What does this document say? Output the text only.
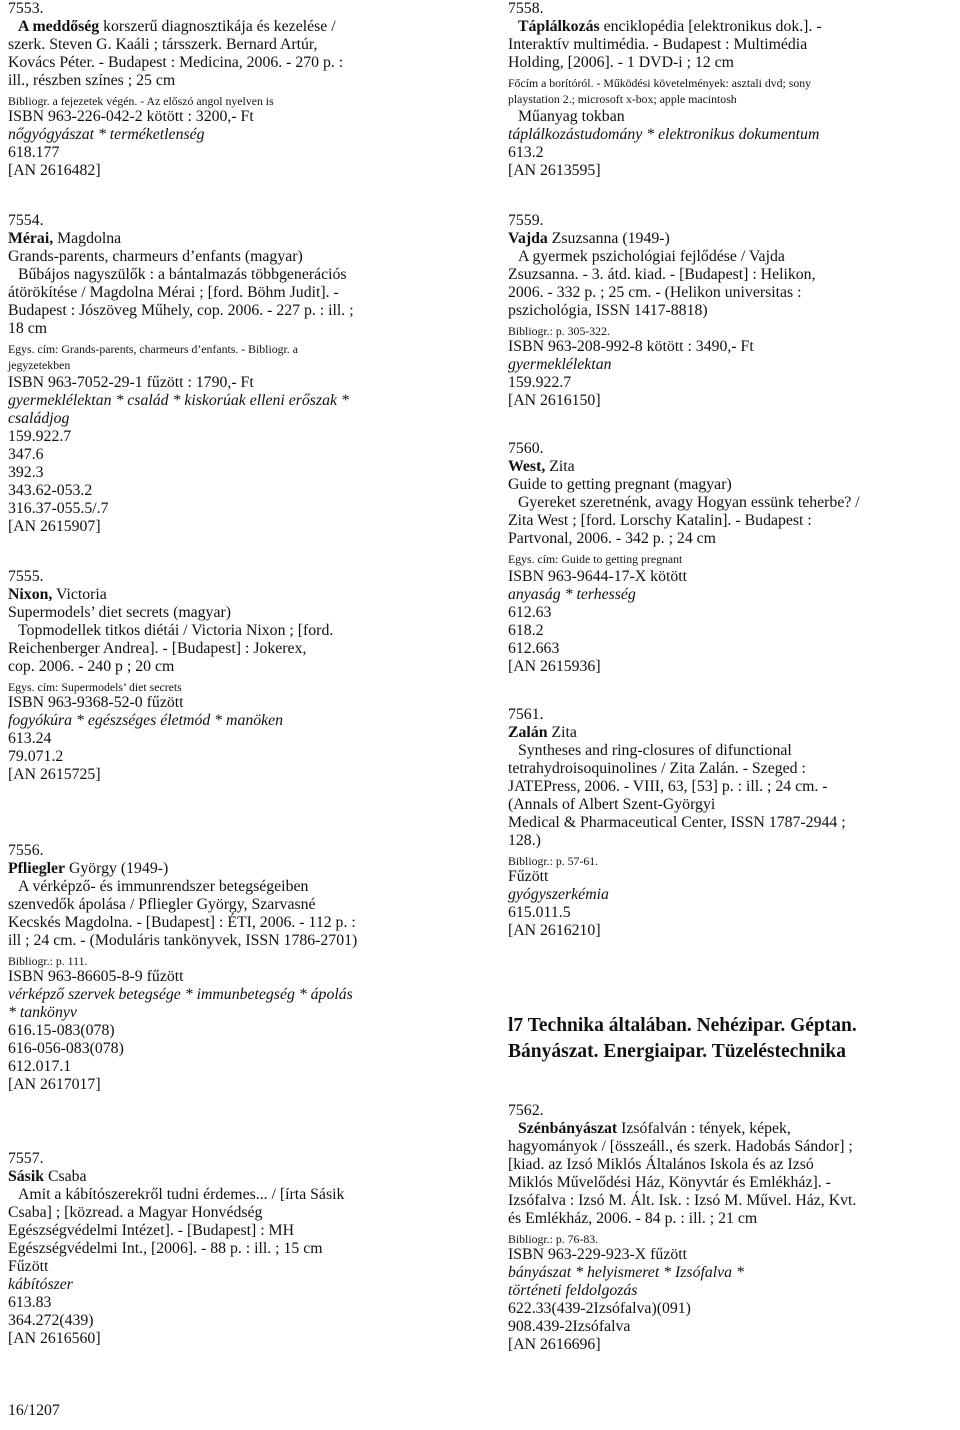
7553.
A meddőség korszerű diagnosztikája és kezelése /
szerk. Steven G. Kaáli ; társszerk. Bernard Artúr,
Kovács Péter. - Budapest : Medicina, 2006. - 270 p. :
ill., részben színes ; 25 cm
Bibliogr. a fejezetek végén. - Az előszó angol nyelven is
ISBN 963-226-042-2 kötött : 3200,- Ft
nőgyógyászat * terméketlenség
618.177
[AN 2616482]
7554.
Mérai, Magdolna
Grands-parents, charmeurs d’enfants (magyar)
Bűbájos nagyszülők : a bántalmazás többgenerációs
átörökítése / Magdolna Mérai ; [ford. Böhm Judit]. -
Budapest : Jószöveg Műhely, cop. 2006. - 227 p. : ill. ;
18 cm
Egys. cím: Grands-parents, charmeurs d’enfants. - Bibliogr. a
jegyzetekben
ISBN 963-7052-29-1 fűzött : 1790,- Ft
gyermeklélektan * család * kiskorúak elleni erőszak *
családjog
159.922.7
347.6
392.3
343.62-053.2
316.37-055.5/.7
[AN 2615907]
7555.
Nixon, Victoria
Supermodels’ diet secrets (magyar)
Topmodellek titkos diétái / Victoria Nixon ; [ford.
Reichenberger Andrea]. - [Budapest] : Jokerex,
cop. 2006. - 240 p ; 20 cm
Egys. cím: Supermodels’ diet secrets
ISBN 963-9368-52-0 fűzött
fogyókúra * egészséges életmód * manöken
613.24
79.071.2
[AN 2615725]
7556.
Pfliegler György (1949-)
A vérképző- és immunrendszer betegségeiben
szenvedők ápolása / Pfliegler György, Szarvasné
Kecskés Magdolna. - [Budapest] : ÉTI, 2006. - 112 p. :
ill ; 24 cm. - (Moduláris tankönyvek, ISSN 1786-2701)
Bibliogr.: p. 111.
ISBN 963-86605-8-9 fűzött
vérképző szervek betegsége * immunbetegség * ápolás
* tankönyv
616.15-083(078)
616-056-083(078)
612.017.1
[AN 2617017]
7557.
Sásik Csaba
Amit a kábítószerekről tudni érdemes... / [írta Sásik
Csaba] ; [közread. a Magyar Honvédség
Egészségvédelmi Intézet]. - [Budapest] : MH
Egészségvédelmi Int., [2006]. - 88 p. : ill. ; 15 cm
Fűzött
kábítószer
613.83
364.272(439)
[AN 2616560]
7558.
Táplálkozás enciklopédia [elektronikus dok.]. -
Interaktív multimédia. - Budapest : Multimédia
Holding, [2006]. - 1 DVD-i ; 12 cm
Főcím a borítóról. - Működési követelmények: asztali dvd; sony
playstation 2.; microsoft x-box; apple macintosh
Műanyag tokban
táplálkozástudomány * elektronikus dokumentum
613.2
[AN 2613595]
7559.
Vajda Zsuzsanna (1949-)
A gyermek pszichológiai fejlődése / Vajda
Zsuzsanna. - 3. átd. kiad. - [Budapest] : Helikon,
2006. - 332 p. ; 25 cm. - (Helikon universitas :
pszichológia, ISSN 1417-8818)
Bibliogr.: p. 305-322.
ISBN 963-208-992-8 kötött : 3490,- Ft
gyermeklélektan
159.922.7
[AN 2616150]
7560.
West, Zita
Guide to getting pregnant (magyar)
Gyereket szeretnénk, avagy Hogyan essünk teherbe? /
Zita West ; [ford. Lorschy Katalin]. - Budapest :
Partvonal, 2006. - 342 p. ; 24 cm
Egys. cím: Guide to getting pregnant
ISBN 963-9644-17-X kötött
anyaság * terhesség
612.63
618.2
612.663
[AN 2615936]
7561.
Zalán Zita
Syntheses and ring-closures of difunctional
tetrahydroisoquinolines / Zita Zalán. - Szeged :
JATEPress, 2006. - VIII, 63, [53] p. : ill. ; 24 cm. -
(Annals of Albert Szent-Györgyi
Medical & Pharmaceutical Center, ISSN 1787-2944 ;
128.)
Bibliogr.: p. 57-61.
Fűzött
gyógyszerkémia
615.011.5
[AN 2616210]
l7 Technika általában. Nehézipar. Géptan.
Bányászat. Energiaipar. Tüzeléstechnika
7562.
Szénbányászat Izsófalván : tények, képek,
hagyományok / [összeáll., és szerk. Hadobás Sándor] ;
[kiad. az Izsó Miklós Általános Iskola és az Izsó
Miklós Művelődési Ház, Könyvtár és Emlékház]. -
Izsófalva : Izsó M. Ált. Isk. : Izsó M. Művel. Ház, Kvt.
és Emlékház, 2006. - 84 p. : ill. ; 21 cm
Bibliogr.: p. 76-83.
ISBN 963-229-923-X fűzött
bányászat * helyismeret * Izsófalva *
történeti feldolgozás
622.33(439-2Izsófalva)(091)
908.439-2Izsófalva
[AN 2616696]
16/1207
